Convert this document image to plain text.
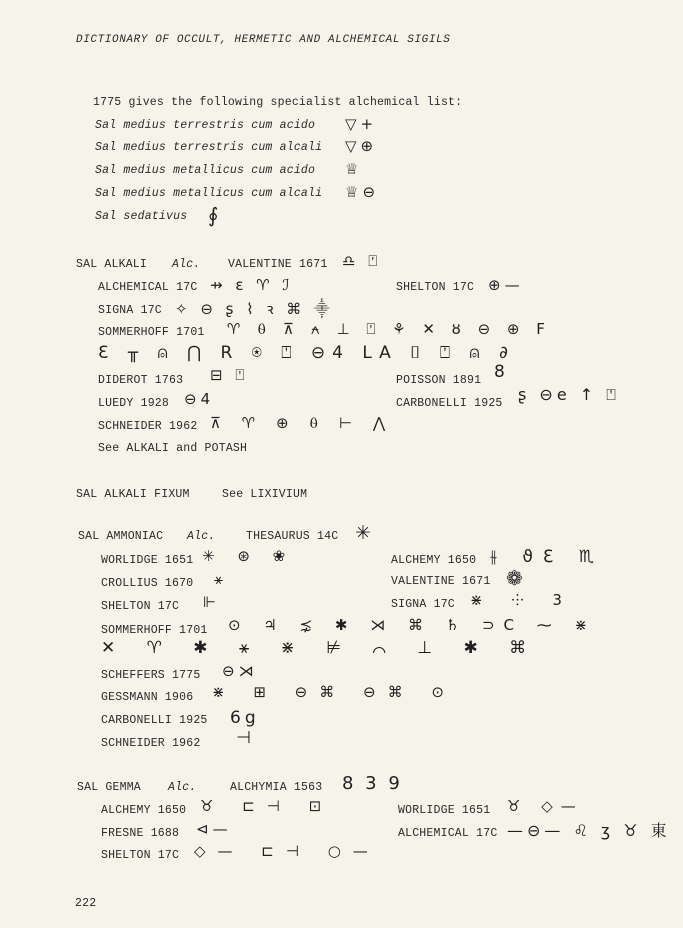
DICTIONARY OF OCCULT, HERMETIC AND ALCHEMICAL SIGILS
1775 gives the following specialist alchemical list:
Sal medius terrestris cum acido ▽+
Sal medius terrestris cum alcali ▽⊕
Sal medius metallicus cum acido ♕
Sal medius metallicus cum alcali ♕⊖
Sal sedativus ∮
SAL ALKALI Alc. VALENTINE 1671 ♎ ⍞
ALCHEMICAL 17C ⇸ ɛ ♈ ℐ	SHELTON 17C ⊕—
SIGNA 17C ✧ ⊖ ʂ ⌇ ꝛ ⌘ ⸎
SOMMERHOFF 1701 ♈ ⍬ ⊼ ⍲ ⊥ ⍞ ⚘ ✕ ȣ ⊖ ⊕ F
Ɛ ╥ ⍝ ⋂ R ⍟ ⍞ ⊖4 LA ⌷ ⍞ ⍝ ∂
DIDEROT 1763 ⊟ ⍞	POISSON 1891 8
LUEDY 1928 ⊖4	CARBONELLI 1925 ʂ ⊖e ↑ ⍞
SCHNEIDER 1962 ⊼ ♈ ⊕ ⍬ ⊢ ⋀
See ALKALI and POTASH
SAL ALKALI FIXUM	See LIXIVIUM
SAL AMMONIAC Alc.	THESAURUS 14C ✳
WORLIDGE 1651 ✳ ⊛ ❀	ALCHEMY 1650 ⫳ ϑℇ ♏
CROLLIUS 1670 ⚹	VALENTINE 1671 ❁
SHELTON 17C ⊩	SIGNA 17C ⋇ ⸭ 3
SOMMERHOFF 1701 ⊙ ♃ ⋨ ✱ ⋊ ⌘ ♄ ⊃C ⁓ ⋇
✕ ♈ ✱ ⚹ ⋇ ⊭ ⌒ ⊥ ✱ ⌘
SCHEFFERS 1775 ⊖⋊
GESSMANN 1906 ⋇ ⊞ ⊖⌘ ⊖⌘ ⊙
CARBONELLI 1925 6g
SCHNEIDER 1962 ⊣
SAL GEMMA Alc.	ALCHYMIA 1563 8 3 9
ALCHEMY 1650 ♉ ⊏⊣ ⊡	WORLIDGE 1651 ♉ ◇—
FRESNE 1688 ⊲—	ALCHEMICAL 17C —⊖— ♌ ʒ ♉ 東
SHELTON 17C ◇— ⊏⊣ ○—
222
